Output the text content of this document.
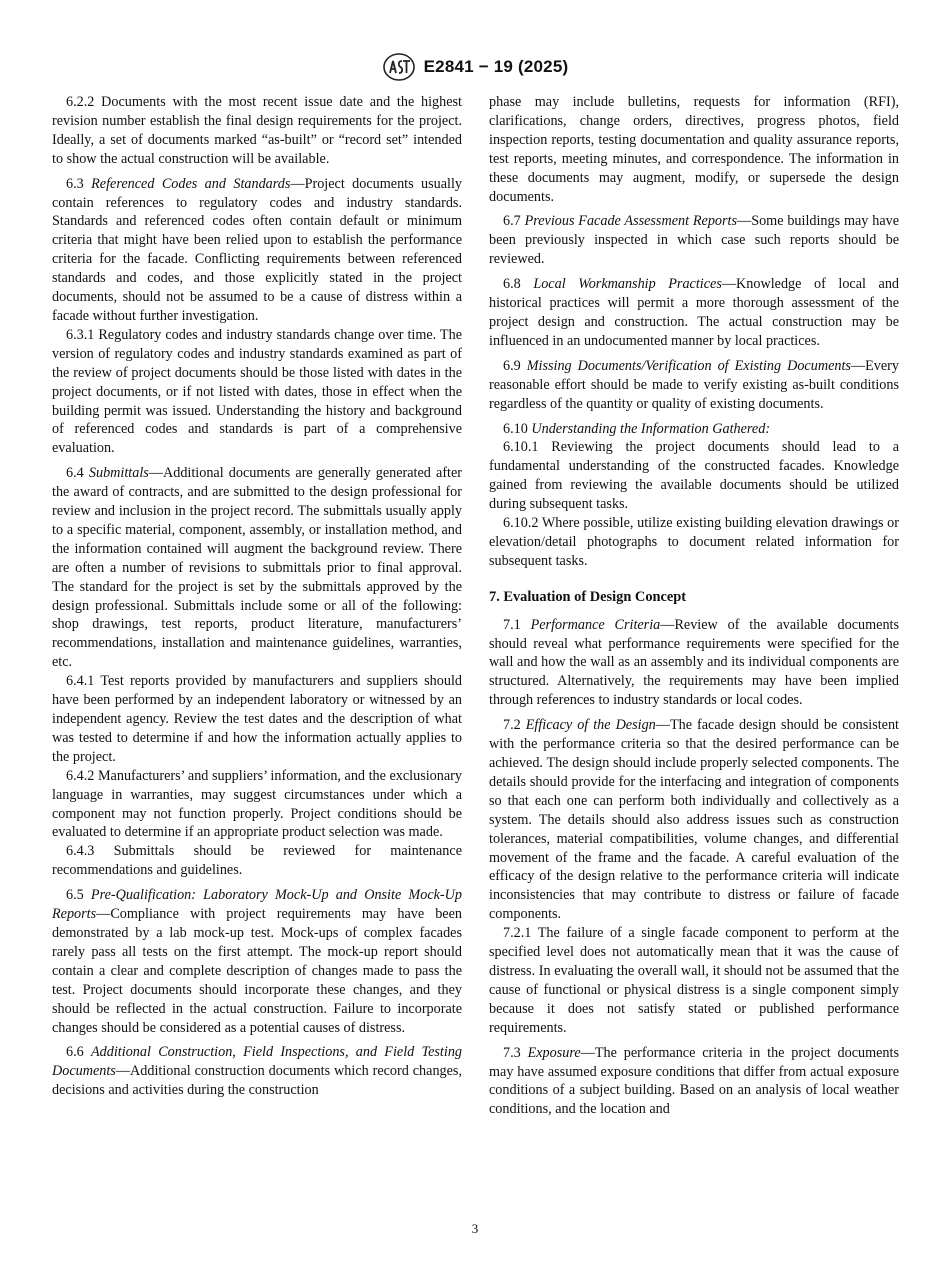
E2841 − 19 (2025)

6.2.2 Documents with the most recent issue date and the highest revision number establish the final design requirements for the project. Ideally, a set of documents marked “as-built” or “record set” intended to show the actual construction will be available.

6.3 Referenced Codes and Standards—Project documents usually contain references to regulatory codes and industry standards. Standards and referenced codes often contain default or minimum criteria that might have been relied upon to establish the performance criteria for the facade. Conflicting requirements between referenced standards and codes, and those explicitly stated in the project documents, should not be assumed to be a cause of distress within a facade without further investigation.

6.3.1 Regulatory codes and industry standards change over time. The version of regulatory codes and industry standards examined as part of the review of project documents should be those listed with dates in the project documents, or if not listed with dates, those in effect when the building permit was issued. Understanding the history and background of referenced codes and standards is part of a comprehensive evaluation.

6.4 Submittals—Additional documents are generally generated after the award of contracts, and are submitted to the design professional for review and inclusion in the project record. The submittals usually apply to a specific material, component, assembly, or installation method, and the information contained will augment the background review. There are often a number of revisions to submittals prior to final approval. The standard for the project is set by the submittals approved by the design professional. Submittals include some or all of the following: shop drawings, test reports, product literature, manufacturers’ recommendations, installation and maintenance guidelines, warranties, etc.

6.4.1 Test reports provided by manufacturers and suppliers should have been performed by an independent laboratory or witnessed by an independent agency. Review the test dates and the description of what was tested to determine if and how the information actually applies to the project.

6.4.2 Manufacturers’ and suppliers’ information, and the exclusionary language in warranties, may suggest circumstances under which a component may not function properly. Project conditions should be evaluated to determine if an appropriate product selection was made.

6.4.3 Submittals should be reviewed for maintenance recommendations and guidelines.

6.5 Pre-Qualification: Laboratory Mock-Up and Onsite Mock-Up Reports—Compliance with project requirements may have been demonstrated by a lab mock-up test. Mock-ups of complex facades rarely pass all tests on the first attempt. The mock-up report should contain a clear and complete description of changes made to pass the test. Project documents should incorporate these changes, and they should be reflected in the actual construction. Failure to incorporate changes should be considered as a potential causes of distress.

6.6 Additional Construction, Field Inspections, and Field Testing Documents—Additional construction documents which record changes, decisions and activities during the construction

phase may include bulletins, requests for information (RFI), clarifications, change orders, directives, progress photos, field inspection reports, testing documentation and quality assurance reports, test reports, meeting minutes, and correspondence. The information in these documents may augment, modify, or supersede the design documents.

6.7 Previous Facade Assessment Reports—Some buildings may have been previously inspected in which case such reports should be reviewed.

6.8 Local Workmanship Practices—Knowledge of local and historical practices will permit a more thorough assessment of the project design and construction. The actual construction may be influenced in an undocumented manner by local practices.

6.9 Missing Documents/Verification of Existing Documents—Every reasonable effort should be made to verify existing as-built conditions regardless of the quantity or quality of existing documents.

6.10 Understanding the Information Gathered:

6.10.1 Reviewing the project documents should lead to a fundamental understanding of the constructed facades. Knowledge gained from reviewing the available documents should be utilized during subsequent tasks.

6.10.2 Where possible, utilize existing building elevation drawings or elevation/detail photographs to document related information for subsequent tasks.

7. Evaluation of Design Concept

7.1 Performance Criteria—Review of the available documents should reveal what performance requirements were specified for the wall and how the wall as an assembly and its individual components are structured. Alternatively, the requirements may have been implied through references to industry standards or local codes.

7.2 Efficacy of the Design—The facade design should be consistent with the performance criteria so that the desired performance can be achieved. The design should include properly selected components. The details should provide for the interfacing and integration of components so that each one can perform both individually and collectively as a system. The details should also address issues such as construction tolerances, material compatibilities, volume changes, and differential movement of the frame and the facade. A careful evaluation of the efficacy of the design relative to the performance criteria will indicate inconsistencies that may contribute to distress or failure of facade components.

7.2.1 The failure of a single facade component to perform at the specified level does not automatically mean that it was the cause of distress. In evaluating the overall wall, it should not be assumed that the cause of functional or physical distress is a single component simply because it does not satisfy stated or published performance requirements.

7.3 Exposure—The performance criteria in the project documents may have assumed exposure conditions that differ from actual exposure conditions of a subject building. Based on an analysis of local weather conditions, and the location and

3
